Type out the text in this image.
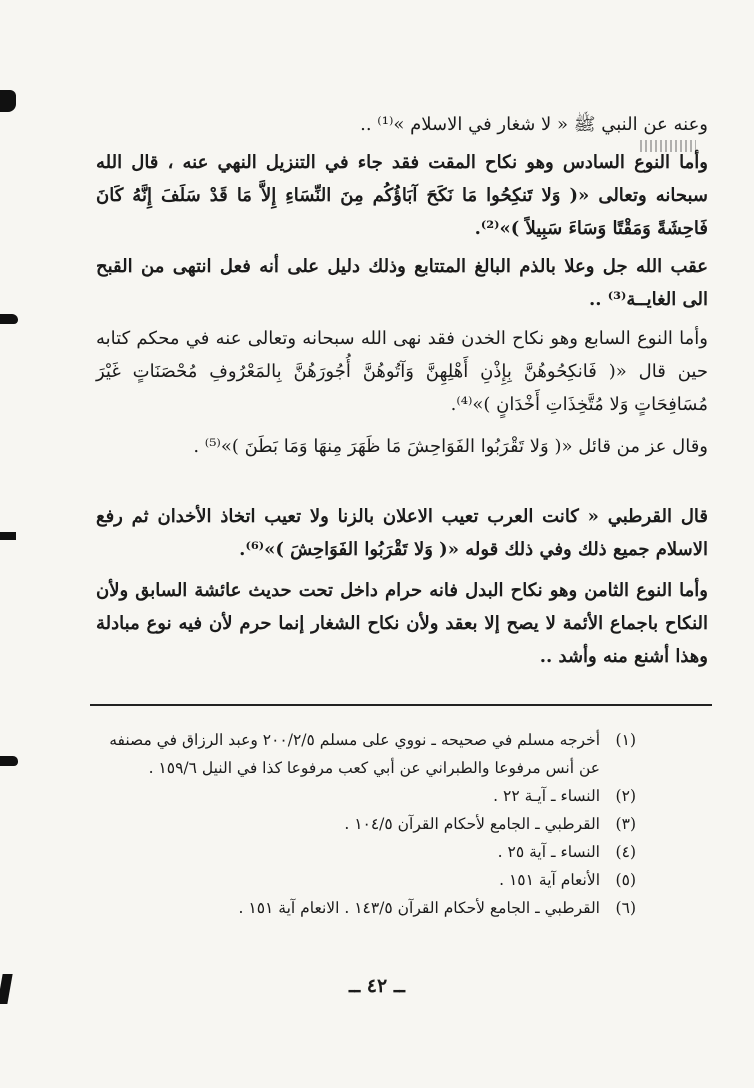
وعنه عن النبي ﷺ « لا شغار في الاسلام »⁽¹⁾ ..

وأما النوع السادس وهو نكاح المقت فقد جاء في التنزيل النهي عنه ، قال الله سبحانه وتعالى «( وَلا تَنكِحُوا مَا نَكَحَ آبَاؤُكُم مِنَ النِّسَاءِ إِلاَّ مَا قَدْ سَلَفَ إِنَّهُ كَانَ فَاحِشَةً وَمَقْتًا وَسَاءَ سَبِيلاً )»⁽²⁾.

عقب الله جل وعلا بالذم البالغ المتتابع وذلك دليل على أنه فعل انتهى من القبح الى الغايــة⁽³⁾ ..

وأما النوع السابع وهو نكاح الخدن فقد نهى الله سبحانه وتعالى عنه في محكم كتابه حين قال «( فَانكِحُوهُنَّ بِإِذْنِ أَهْلِهِنَّ وَآتُوهُنَّ أُجُورَهُنَّ بِالمَعْرُوفِ مُحْصَنَاتٍ غَيْرَ مُسَافِحَاتٍ وَلا مُتَّخِذَاتِ أَخْدَانٍ )»⁽⁴⁾.

وقال عز من قائل «( وَلا تَقْرَبُوا الفَوَاحِشَ مَا ظَهَرَ مِنهَا وَمَا بَطَنَ )»⁽⁵⁾ .

قال القرطبي « كانت العرب تعيب الاعلان بالزنا ولا تعيب اتخاذ الأخدان ثم رفع الاسلام جميع ذلك وفي ذلك قوله «( وَلا تَقْرَبُوا الفَوَاحِشَ )»⁽⁶⁾.

وأما النوع الثامن وهو نكاح البدل فانه حرام داخل تحت حديث عائشة السابق ولأن النكاح باجماع الأئمة لا يصح إلا بعقد ولأن نكاح الشغار إنما حرم لأن فيه نوع مبادلة وهذا أشنع منه وأشد ..

(١)
أخرجه مسلم في صحيحه ـ نووي على مسلم ٢٠٠/٢/٥ وعبد الرزاق في مصنفه عن أنس مرفوعا والطبراني عن أبي كعب مرفوعا كذا في النيل ١٥٩/٦ .
(٢)
النساء ـ آيـة ٢٢ .
(٣)
القرطبي ـ الجامع لأحكام القرآن ١٠٤/٥ .
(٤)
النساء ـ آية ٢٥ .
(٥)
الأنعام آية ١٥١ .
(٦)
القرطبي ـ الجامع لأحكام القرآن ١٤٣/٥ . الانعام آية ١٥١ .
ــ ٤٢ ــ
